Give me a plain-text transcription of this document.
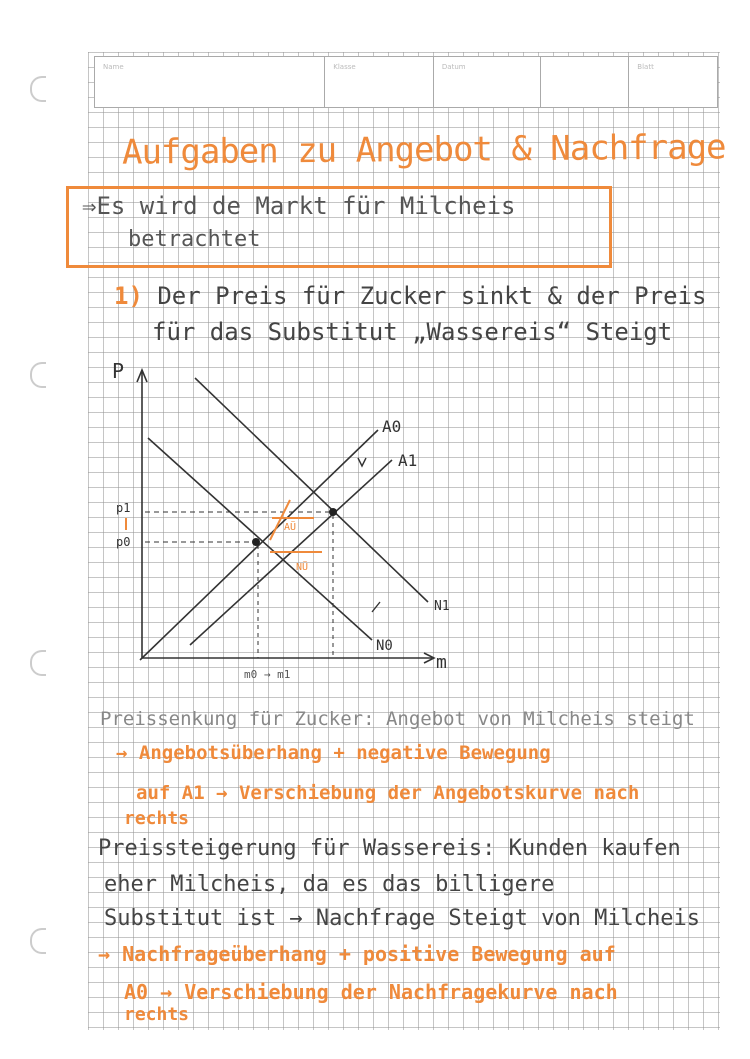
Name	Klasse	Datum	Blatt
Aufgaben zu Angebot & Nachfrage
⇒Es wird de Markt für Milcheis
betrachtet
1) Der Preis für Zucker sinkt & der Preis
für das Substitut „Wassereis“ Steigt
P
m
A0
A1
N1
N0
p1
p0
m0 → m1
AÜ
NÜ
Preissenkung für Zucker: Angebot von Milcheis steigt
→ Angebotsüberhang + negative Bewegung
auf A1 → Verschiebung der Angebotskurve nach
rechts
Preissteigerung für Wassereis: Kunden kaufen
eher Milcheis, da es das billigere
Substitut ist → Nachfrage Steigt von Milcheis
→ Nachfrageüberhang + positive Bewegung auf
A0 → Verschiebung der Nachfragekurve nach
rechts
